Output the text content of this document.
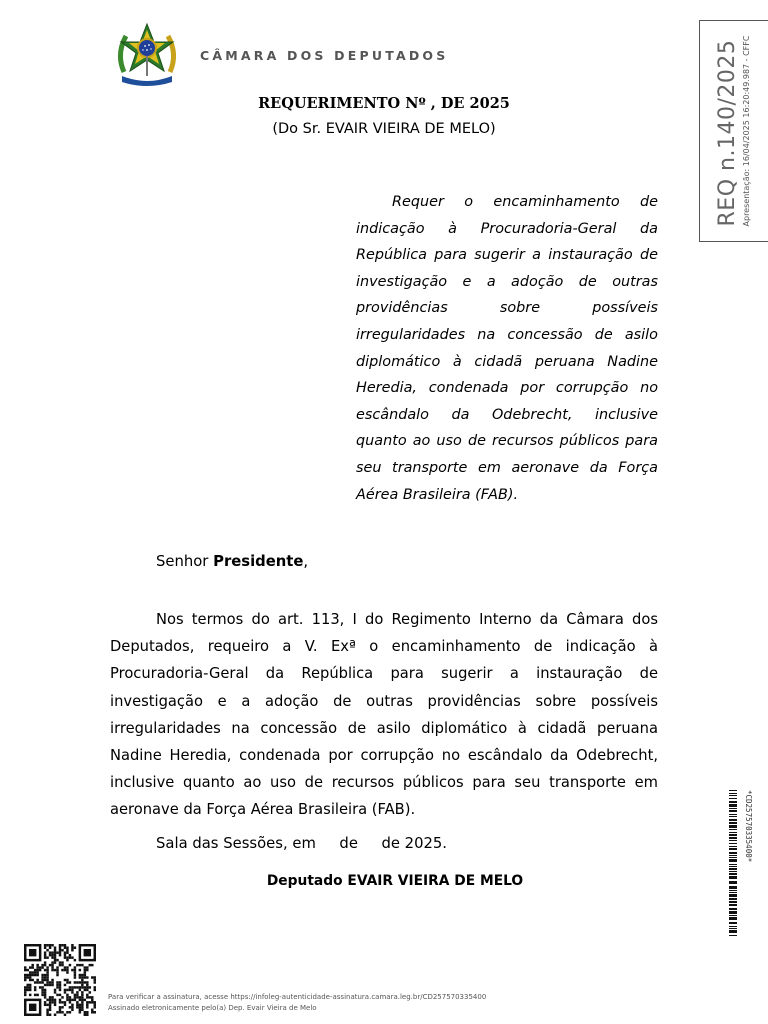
CÂMARA DOS DEPUTADOS
REQUERIMENTO Nº , DE 2025
(Do Sr. EVAIR VIEIRA DE MELO)

Requer o encaminhamento de indicação à Procuradoria-Geral da República para sugerir a instauração de investigação e a adoção de outras providências sobre possíveis irregularidades na concessão de asilo diplomático à cidadã peruana Nadine Heredia, condenada por corrupção no escândalo da Odebrecht, inclusive quanto ao uso de recursos públicos para seu transporte em aeronave da Força Aérea Brasileira (FAB).

Senhor Presidente,

Nos termos do art. 113, I do Regimento Interno da Câmara dos Deputados, requeiro a V. Exª o encaminhamento de indicação à Procuradoria-Geral da República para sugerir a instauração de investigação e a adoção de outras providências sobre possíveis irregularidades na concessão de asilo diplomático à cidadã peruana Nadine Heredia, condenada por corrupção no escândalo da Odebrecht, inclusive quanto ao uso de recursos públicos para seu transporte em aeronave da Força Aérea Brasileira (FAB).

Sala das Sessões, em     de     de 2025.
Deputado EVAIR VIEIRA DE MELO
REQ n.140/2025 Apresentação: 16/04/2025 16:20:49.987 - CFFC
*CD257570335400*
Para verificar a assinatura, acesse https://infoleg-autenticidade-assinatura.camara.leg.br/CD257570335400
Assinado eletronicamente pelo(a) Dep. Evair Vieira de Melo
